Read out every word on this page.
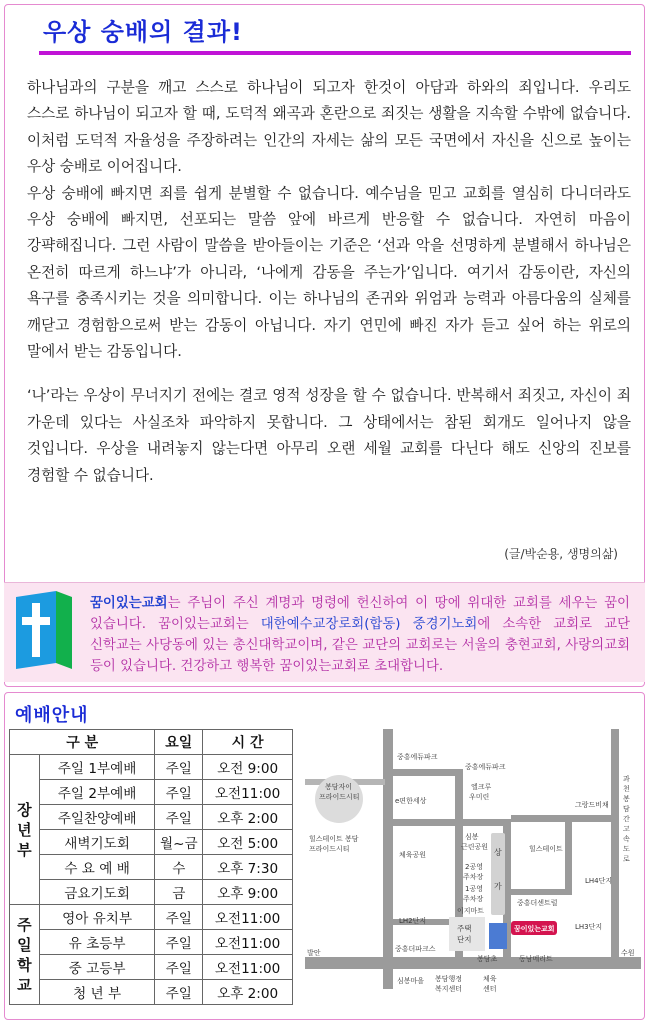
우상 숭배의 결과!

하나님과의 구분을 깨고 스스로 하나님이 되고자 한것이 아담과 하와의 죄입니다. 우리도 스스로 하나님이 되고자 할 때, 도덕적 왜곡과 혼란으로 죄짓는 생활을 지속할 수밖에 없습니다. 이처럼 도덕적 자율성을 주장하려는 인간의 자세는 삶의 모든 국면에서 자신을 신으로 높이는 우상 숭배로 이어집니다.

우상 숭배에 빠지면 죄를 쉽게 분별할 수 없습니다. 예수님을 믿고 교회를 열심히 다니더라도 우상 숭배에 빠지면, 선포되는 말씀 앞에 바르게 반응할 수 없습니다. 자연히 마음이 강퍅해집니다. 그런 사람이 말씀을 받아들이는 기준은 ‘선과 악을 선명하게 분별해서 하나님은 온전히 따르게 하느냐’가 아니라, ‘나에게 감동을 주는가’입니다. 여기서 감동이란, 자신의 욕구를 충족시키는 것을 의미합니다. 이는 하나님의 존귀와 위엄과 능력과 아름다움의 실체를 깨닫고 경험함으로써 받는 감동이 아닙니다. 자기 연민에 빠진 자가 듣고 싶어 하는 위로의 말에서 받는 감동입니다.

‘나’라는 우상이 무너지기 전에는 결코 영적 성장을 할 수 없습니다. 반복해서 죄짓고, 자신이 죄 가운데 있다는 사실조차 파악하지 못합니다. 그 상태에서는 참된 회개도 일어나지 않을 것입니다. 우상을 내려놓지 않는다면 아무리 오랜 세월 교회를 다닌다 해도 신앙의 진보를 경험할 수 없습니다.

(글/박순용, 생명의삶)
꿈이있는교회는 주님이 주신 계명과 명령에 헌신하여 이 땅에 위대한 교회를 세우는 꿈이 있습니다. 꿈이있는교회는 대한예수교장로회(합동) 중경기노회에 소속한 교회로 교단 신학교는 사당동에 있는 총신대학교이며, 같은 교단의 교회로는 서울의 충현교회, 사랑의교회 등이 있습니다. 건강하고 행복한 꿈이있는교회로 초대합니다.
예배안내
구 분		요일	시 간
장
년
부	주일 1부예배	주일	오전 9:00
	주일 2부예배	주일	오전11:00
	주일찬양예배	주일	오후 2:00
	새벽기도회	월~금	오전 5:00
	수 요 예 배	수	오후 7:30
	금요기도회	금	오후 9:00
주
일
학
교	영아 유치부	주일	오전11:00
	유 초등부	주일	오전11:00
	중 고등부	주일	오전11:00
	청 년 부	주일	오후 2:00
봉담자이 프라이드시티
힐스테이트 봉담 프라이드시티
중흥에듀파크
중흥에듀파크
엘크루 우미린
e편한세상	그랑드비채
심봉 근린공원
체육공원
2공영 주차장
1공영 주차장
이지마트
상 가
힐스테이트
LH4단지
중흥더센트럴
LH2단지
중흥더파크스
주택 단지
봉담초
LH3단지
동남메리트
심봉마을 봉담행정 복지센터
체육 센터
발안	수원
꿈이있는교회
과
천
봉
담
간
고
속
도
로
